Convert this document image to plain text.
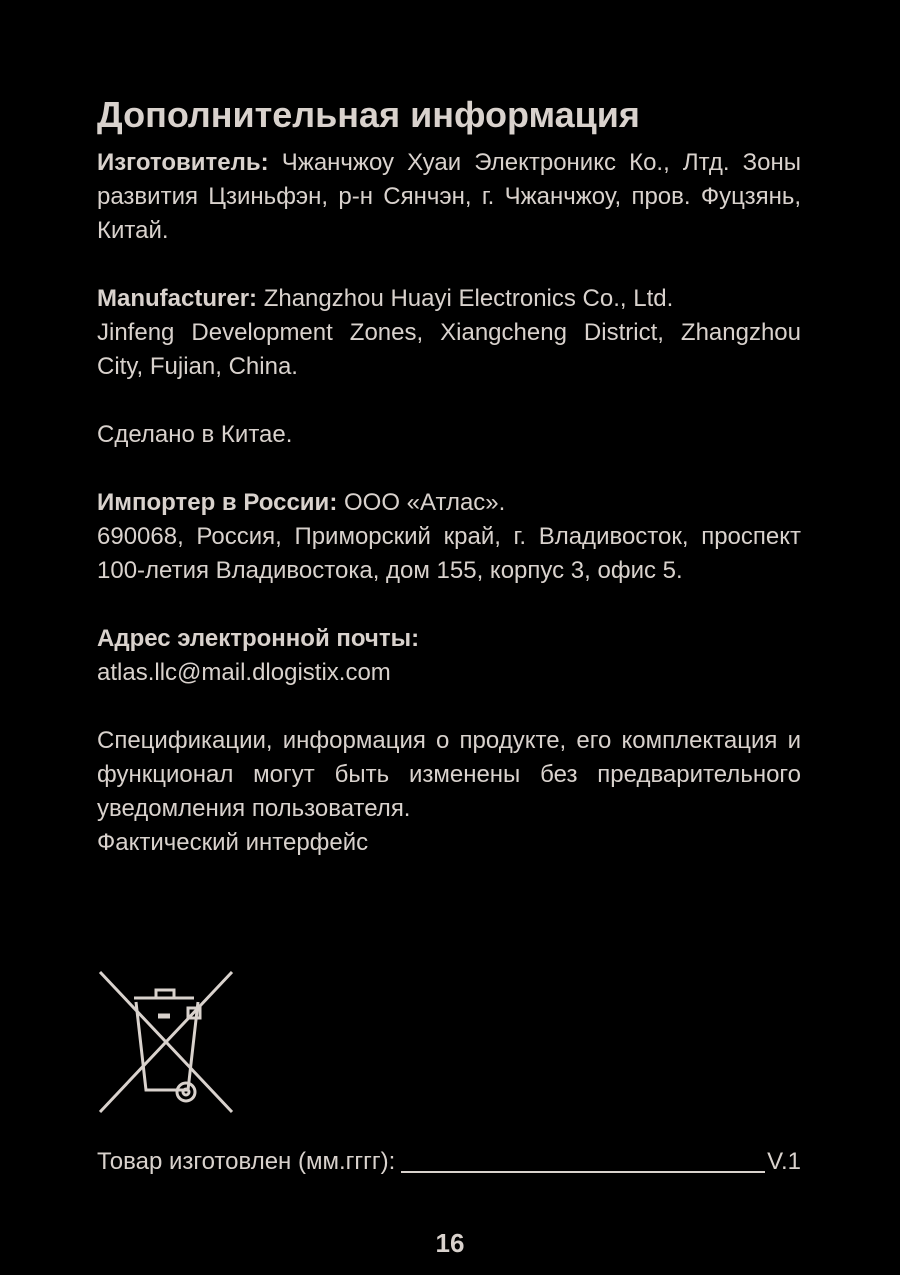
Дополнительная информация

Изготовитель: Чжанчжоу Хуаи Электроникс Ко., Лтд. Зоны развития Цзиньфэн, р-н Сянчэн, г. Чжанчжоу, пров. Фуцзянь, Китай.

Manufacturer: Zhangzhou Huayi Electronics Co., Ltd.
Jinfeng Development Zones, Xiangcheng District, Zhangzhou City, Fujian, China.

Сделано в Китае.

Импортер в России: ООО «Атлас».
690068, Россия, Приморский край, г. Владивосток, проспект 100-летия Владивостока, дом 155, корпус 3, офис 5.

Адрес электронной почты:
atlas.llc@mail.dlogistix.com

Спецификации, информация о продукте, его комплектация и функционал могут быть изменены без предварительного уведомления пользователя.
Фактический интерфейс

Товар изготовлен (мм.гггг):	V.1
16
